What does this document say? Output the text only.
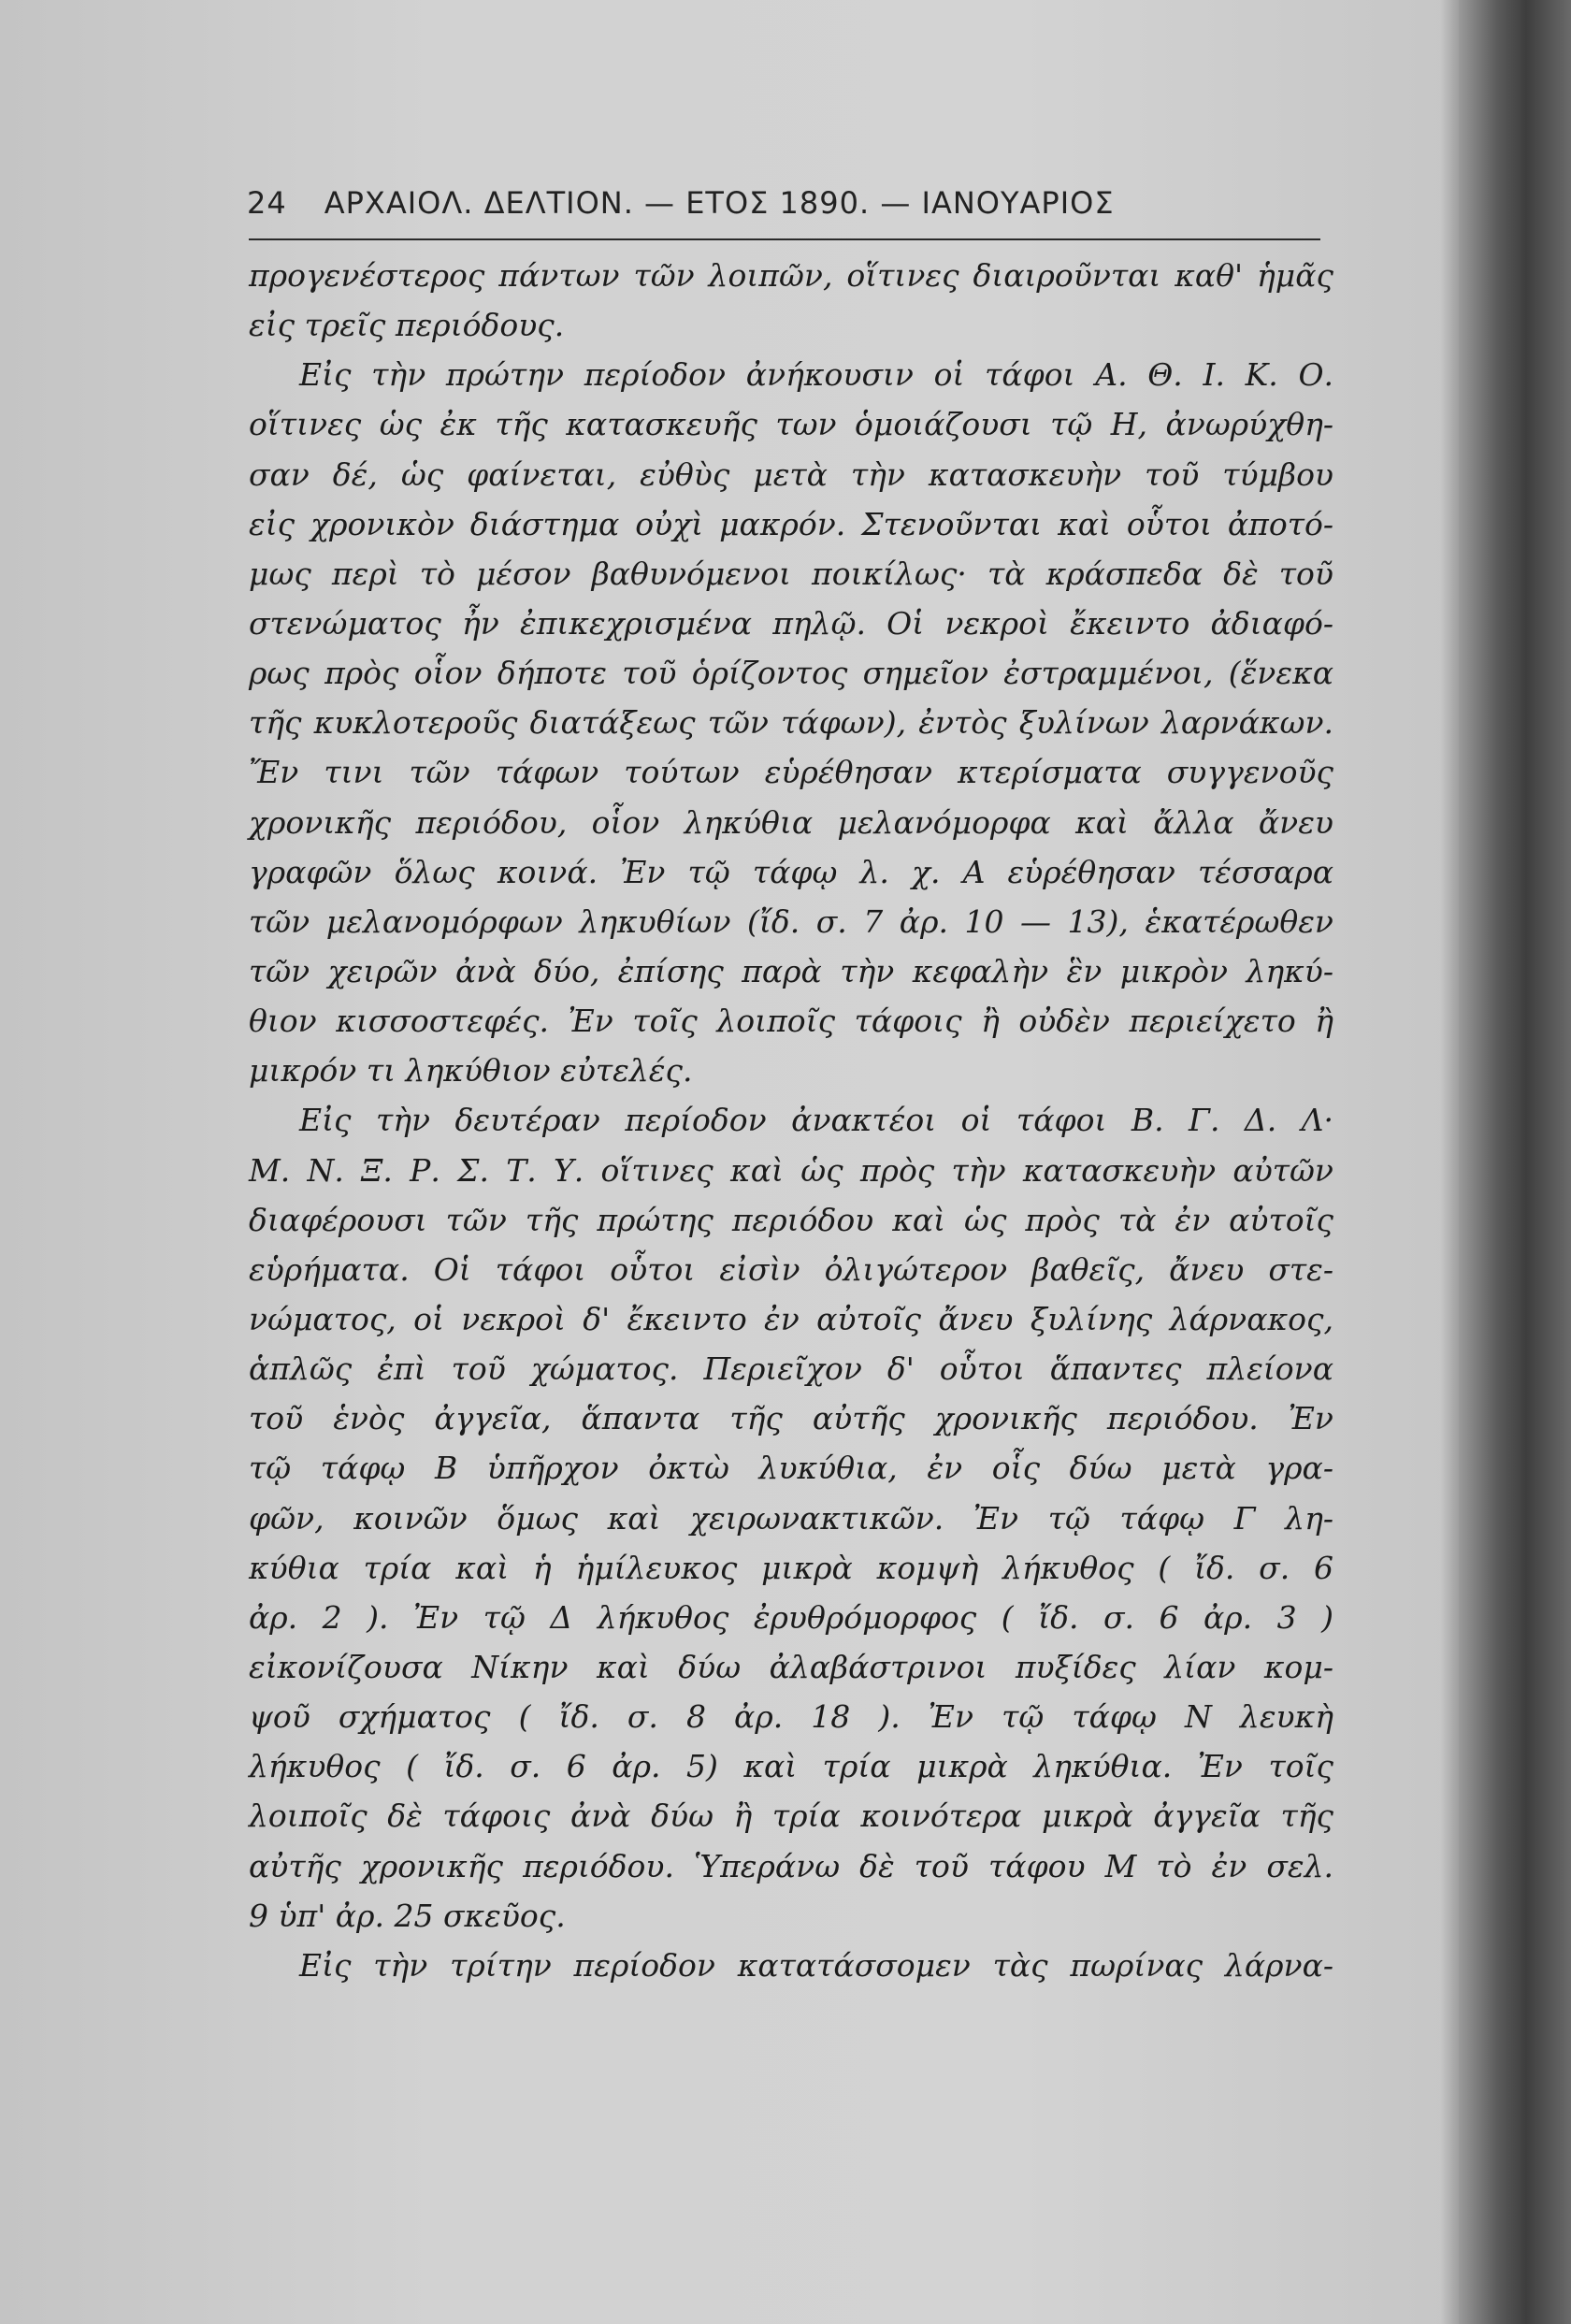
24 ΑΡΧΑΙΟΛ. ΔΕΛΤΙΟΝ. — ΕΤΟΣ 1890. — ΙΑΝΟΥΑΡΙΟΣ
προγενέστερος πάντων τῶν λοιπῶν, οἵτινες διαιροῦνται καθ' ἡμᾶς
εἰς τρεῖς περιόδους.
Εἰς τὴν πρώτην περίοδον ἀνήκουσιν οἱ τάφοι Α. Θ. Ι. Κ. Ο.
οἵτινες ὡς ἐκ τῆς κατασκευῆς των ὁμοιάζουσι τῷ Η, ἀνωρύχθη-
σαν δέ, ὡς φαίνεται, εὐθὺς μετὰ τὴν κατασκευὴν τοῦ τύμβου
εἰς χρονικὸν διάστημα οὐχὶ μακρόν. Στενοῦνται καὶ οὗτοι ἀποτό-
μως περὶ τὸ μέσον βαθυνόμενοι ποικίλως· τὰ κράσπεδα δὲ τοῦ
στενώματος ἦν ἐπικεχρισμένα πηλῷ. Οἱ νεκροὶ ἔκειντο ἀδιαφό-
ρως πρὸς οἷον δήποτε τοῦ ὁρίζοντος σημεῖον ἐστραμμένοι, (ἕνεκα
τῆς κυκλοτεροῦς διατάξεως τῶν τάφων), ἐντὸς ξυλίνων λαρνάκων.
Ἔν τινι τῶν τάφων τούτων εὑρέθησαν κτερίσματα συγγενοῦς
χρονικῆς περιόδου, οἷον ληκύθια μελανόμορφα καὶ ἄλλα ἄνευ
γραφῶν ὅλως κοινά. Ἐν τῷ τάφῳ λ. χ. Α εὑρέθησαν τέσσαρα
τῶν μελανομόρφων ληκυθίων (ἴδ. σ. 7 ἀρ. 10 — 13), ἑκατέρωθεν
τῶν χειρῶν ἀνὰ δύο, ἐπίσης παρὰ τὴν κεφαλὴν ἓν μικρὸν ληκύ-
θιον κισσοστεφές. Ἐν τοῖς λοιποῖς τάφοις ἢ οὐδὲν περιείχετο ἢ
μικρόν τι ληκύθιον εὐτελές.
Εἰς τὴν δευτέραν περίοδον ἀνακτέοι οἱ τάφοι Β. Γ. Δ. Λ·
Μ. Ν. Ξ. Ρ. Σ. Τ. Υ. οἵτινες καὶ ὡς πρὸς τὴν κατασκευὴν αὐτῶν
διαφέρουσι τῶν τῆς πρώτης περιόδου καὶ ὡς πρὸς τὰ ἐν αὐτοῖς
εὑρήματα. Οἱ τάφοι οὗτοι εἰσὶν ὀλιγώτερον βαθεῖς, ἄνευ στε-
νώματος, οἱ νεκροὶ δ' ἔκειντο ἐν αὐτοῖς ἄνευ ξυλίνης λάρνακος,
ἁπλῶς ἐπὶ τοῦ χώματος. Περιεῖχον δ' οὗτοι ἅπαντες πλείονα
τοῦ ἑνὸς ἀγγεῖα, ἅπαντα τῆς αὐτῆς χρονικῆς περιόδου. Ἐν
τῷ τάφῳ Β ὑπῆρχον ὀκτὼ λυκύθια, ἐν οἷς δύω μετὰ γρα-
φῶν, κοινῶν ὅμως καὶ χειρωνακτικῶν. Ἐν τῷ τάφῳ Γ λη-
κύθια τρία καὶ ἡ ἡμίλευκος μικρὰ κομψὴ λήκυθος ( ἴδ. σ. 6
ἀρ. 2 ). Ἐν τῷ Δ λήκυθος ἐρυθρόμορφος ( ἴδ. σ. 6 ἀρ. 3 )
εἰκονίζουσα Νίκην καὶ δύω ἀλαβάστρινοι πυξίδες λίαν κομ-
ψοῦ σχήματος ( ἴδ. σ. 8 ἀρ. 18 ). Ἐν τῷ τάφῳ Ν λευκὴ
λήκυθος ( ἴδ. σ. 6 ἀρ. 5) καὶ τρία μικρὰ ληκύθια. Ἐν τοῖς
λοιποῖς δὲ τάφοις ἀνὰ δύω ἢ τρία κοινότερα μικρὰ ἀγγεῖα τῆς
αὐτῆς χρονικῆς περιόδου. Ὑπεράνω δὲ τοῦ τάφου Μ τὸ ἐν σελ.
9 ὑπ' ἀρ. 25 σκεῦος.
Εἰς τὴν τρίτην περίοδον κατατάσσομεν τὰς πωρίνας λάρνα-
